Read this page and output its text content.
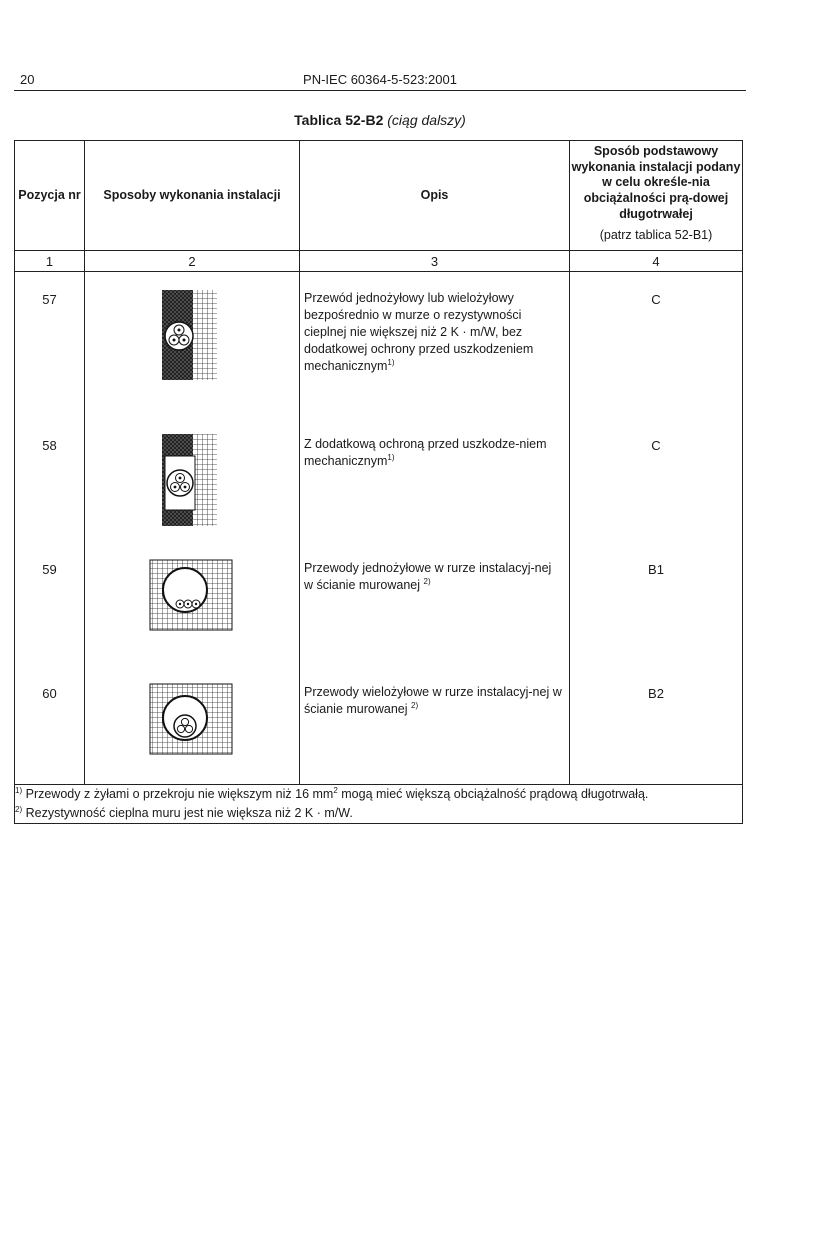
20	PN-IEC 60364-5-523:2001
Tablica 52-B2 (ciąg dalszy)
Pozycja nr	Sposoby wykonania instalacji	Opis	Sposób podstawowy wykonania instalacji podany w celu określe-nia obciążalności prą-dowej długotrwałej
(patrz tablica 52-B1)

1	2	3	4

57		Przewód jednożyłowy lub wielożyłowy bezpośrednio w murze o rezystywności cieplnej nie większej niż 2 K · m/W, bez dodatkowej ochrony przed uszkodzeniem mechanicznym$^{1)}$	C

58		Z dodatkową ochroną przed uszkodze-niem mechanicznym$^{1)}$	C

59		Przewody jednożyłowe w rurze instalacyj-nej w ścianie murowanej $^{2)}$	B1

60		Przewody wielożyłowe w rurze instalacyj-nej w ścianie murowanej $^{2)}$	B2

$^{1)}$ Przewody z żyłami o przekroju nie większym niż 16 $mm^2$ mogą mieć większą obciążalność prądową długotrwałą.
$^{2)}$ Rezystywność cieplna muru jest nie większa niż 2 K · m/W.			
